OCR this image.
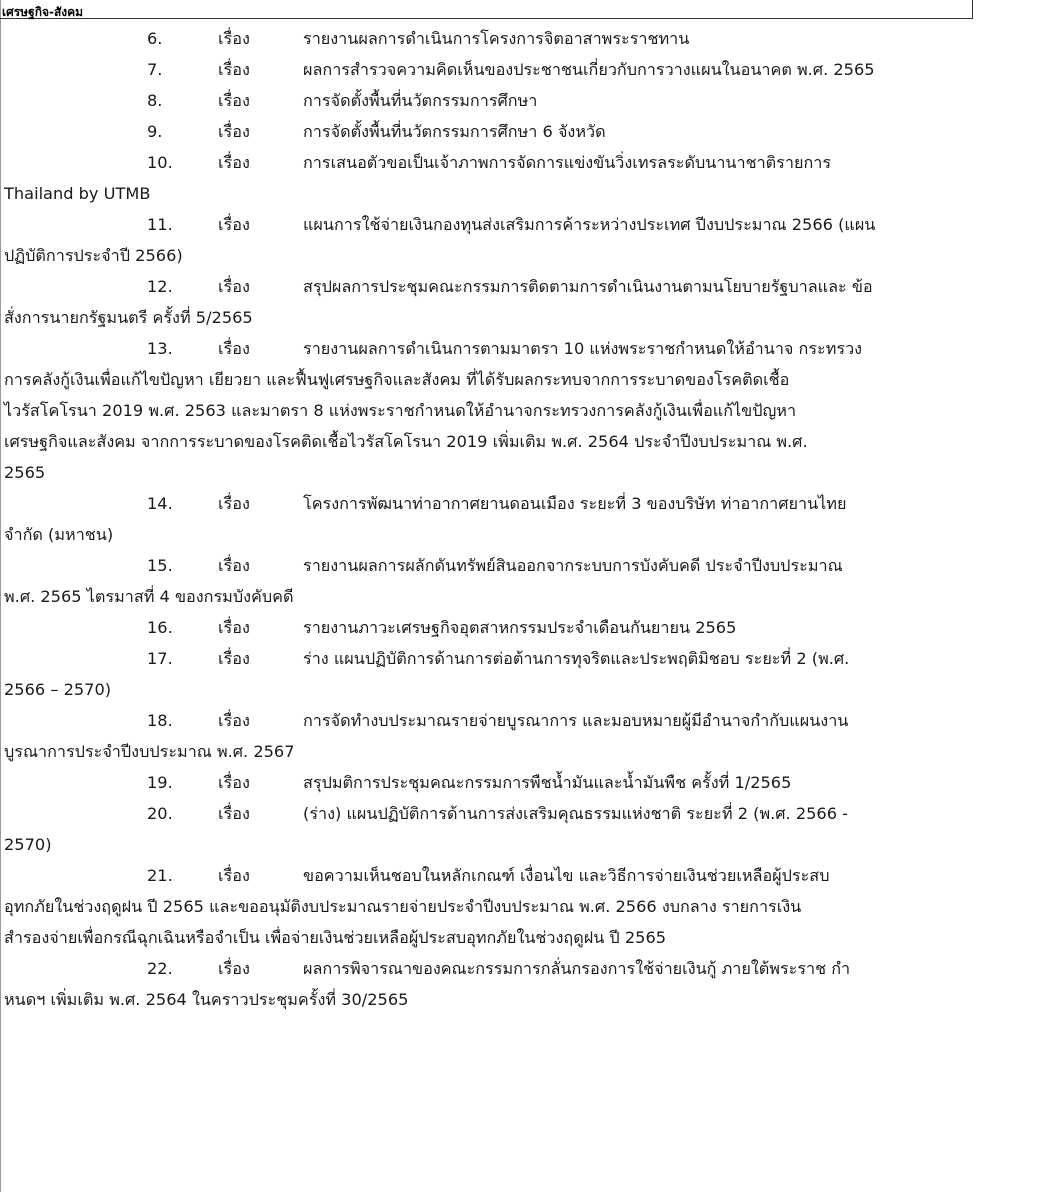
เศรษฐกิจ-สังคม
6.	เรื่อง	รายงานผลการดำเนินการโครงการจิตอาสาพระราชทาน
7.	เรื่อง	ผลการสำรวจความคิดเห็นของประชาชนเกี่ยวกับการวางแผนในอนาคต พ.ศ. 2565
8.	เรื่อง	การจัดตั้งพื้นที่นวัตกรรมการศึกษา
9.	เรื่อง	การจัดตั้งพื้นที่นวัตกรรมการศึกษา 6 จังหวัด
10.	เรื่อง	การเสนอตัวขอเป็นเจ้าภาพการจัดการแข่งขันวิ่งเทรลระดับนานาชาติรายการ
Thailand by UTMB
11.	เรื่อง	แผนการใช้จ่ายเงินกองทุนส่งเสริมการค้าระหว่างประเทศ ปีงบประมาณ 2566 (แผน
ปฏิบัติการประจำปี 2566)
12.	เรื่อง	สรุปผลการประชุมคณะกรรมการติดตามการดำเนินงานตามนโยบายรัฐบาลและ ข้อ
สั่งการนายกรัฐมนตรี ครั้งที่ 5/2565
13.	เรื่อง	รายงานผลการดำเนินการตามมาตรา 10 แห่งพระราชกำหนดให้อำนาจ กระทรวง
การคลังกู้เงินเพื่อแก้ไขปัญหา เยียวยา และฟื้นฟูเศรษฐกิจและสังคม ที่ได้รับผลกระทบจากการระบาดของโรคติดเชื้อ
ไวรัสโคโรนา 2019 พ.ศ. 2563 และมาตรา 8 แห่งพระราชกำหนดให้อำนาจกระทรวงการคลังกู้เงินเพื่อแก้ไขปัญหา
เศรษฐกิจและสังคม จากการระบาดของโรคติดเชื้อไวรัสโคโรนา 2019 เพิ่มเติม พ.ศ. 2564 ประจำปีงบประมาณ พ.ศ.
2565
14.	เรื่อง	โครงการพัฒนาท่าอากาศยานดอนเมือง ระยะที่ 3 ของบริษัท ท่าอากาศยานไทย
จำกัด (มหาชน)
15.	เรื่อง	รายงานผลการผลักดันทรัพย์สินออกจากระบบการบังคับคดี ประจำปีงบประมาณ
พ.ศ. 2565 ไตรมาสที่ 4 ของกรมบังคับคดี
16.	เรื่อง	รายงานภาวะเศรษฐกิจอุตสาหกรรมประจำเดือนกันยายน 2565
17.	เรื่อง	ร่าง แผนปฏิบัติการด้านการต่อต้านการทุจริตและประพฤติมิชอบ ระยะที่ 2 (พ.ศ.
2566 – 2570)
18.	เรื่อง	การจัดทำงบประมาณรายจ่ายบูรณาการ และมอบหมายผู้มีอำนาจกำกับแผนงาน
บูรณาการประจำปีงบประมาณ พ.ศ. 2567
19.	เรื่อง	สรุปมติการประชุมคณะกรรมการพืชน้ำมันและน้ำมันพืช ครั้งที่ 1/2565
20.	เรื่อง	(ร่าง) แผนปฏิบัติการด้านการส่งเสริมคุณธรรมแห่งชาติ ระยะที่ 2 (พ.ศ. 2566 -
2570)
21.	เรื่อง	ขอความเห็นชอบในหลักเกณฑ์ เงื่อนไข และวิธีการจ่ายเงินช่วยเหลือผู้ประสบ
อุทกภัยในช่วงฤดูฝน ปี 2565 และขออนุมัติงบประมาณรายจ่ายประจำปีงบประมาณ พ.ศ. 2566 งบกลาง รายการเงิน
สำรองจ่ายเพื่อกรณีฉุกเฉินหรือจำเป็น เพื่อจ่ายเงินช่วยเหลือผู้ประสบอุทกภัยในช่วงฤดูฝน ปี 2565
22.	เรื่อง	ผลการพิจารณาของคณะกรรมการกลั่นกรองการใช้จ่ายเงินกู้ ภายใต้พระราช กำ
หนดฯ เพิ่มเติม พ.ศ. 2564 ในคราวประชุมครั้งที่ 30/2565
